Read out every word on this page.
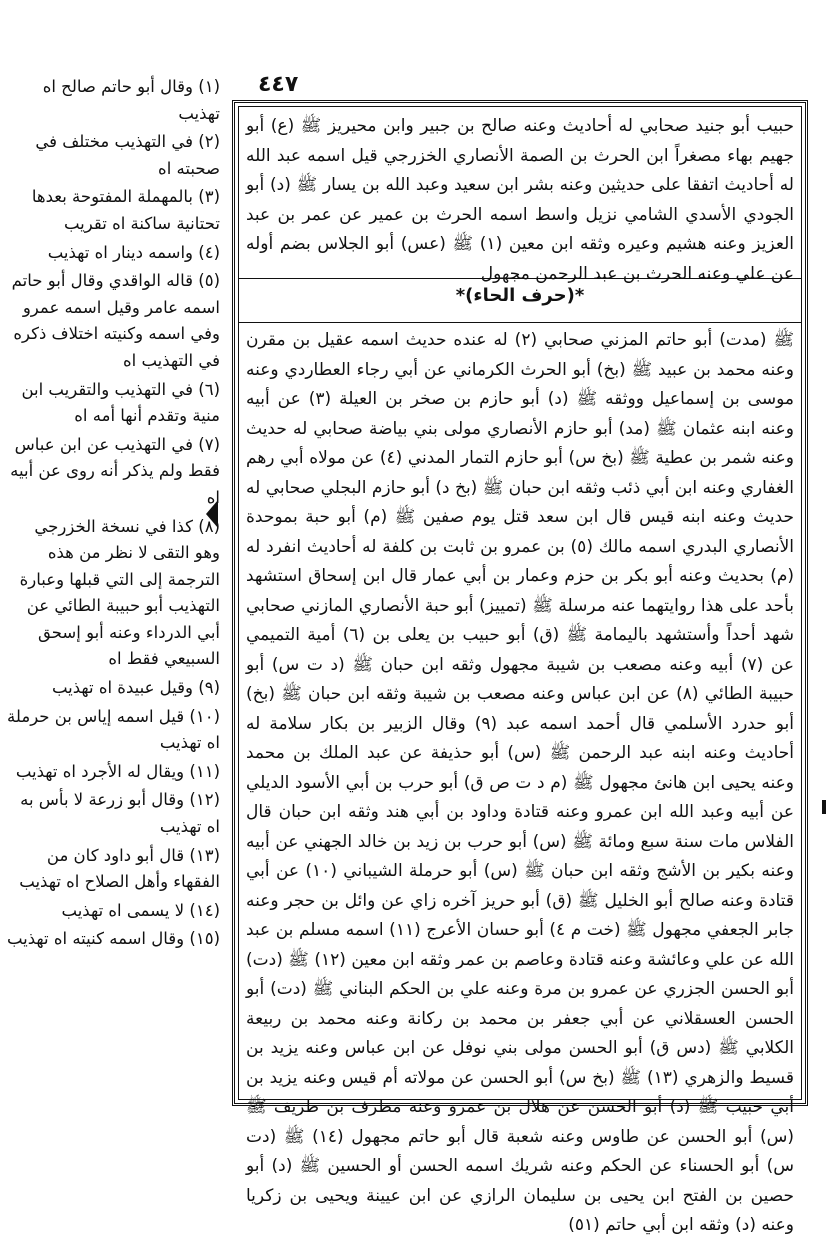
٤٤٧

حبيب أبو جنيد صحابي له أحاديث وعنه صالح بن جبير وابن محيريز ﷺ (ع) أبو جهيم بهاء مصغراً ابن الحرث بن الصمة الأنصاري الخزرجي قيل اسمه عبد الله له أحاديث اتفقا على حديثين وعنه بشر ابن سعيد وعبد الله بن يسار ﷺ (د) أبو الجودي الأسدي الشامي نزيل واسط اسمه الحرث بن عمير عن عمر بن عبد العزيز وعنه هشيم وعيره وثقه ابن معين (١) ﷺ (عس) أبو الجلاس بضم أوله عن علي وعنه الحرث بن عبد الرحمن مجهول

*(حرف الحاء)*

ﷺ (مدت) أبو حاتم المزني صحابي (٢) له عنده حديث اسمه عقيل بن مقرن وعنه محمد بن عبيد ﷺ (بخ) أبو الحرث الكرماني عن أبي رجاء العطاردي وعنه موسى بن إسماعيل ووثقه ﷺ (د) أبو حازم بن صخر بن العيلة (٣) عن أبيه وعنه ابنه عثمان ﷺ (مد) أبو حازم الأنصاري مولى بني بياضة صحابي له حديث وعنه شمر بن عطية ﷺ (بخ س) أبو حازم التمار المدني (٤) عن مولاه أبي رهم الغفاري وعنه ابن أبي ذئب وثقه ابن حبان ﷺ (بخ د) أبو حازم البجلي صحابي له حديث وعنه ابنه قيس قال ابن سعد قتل يوم صفين ﷺ (م) أبو حبة بموحدة الأنصاري البدري اسمه مالك (٥) بن عمرو بن ثابت بن كلفة له أحاديث انفرد له (م) بحديث وعنه أبو بكر بن حزم وعمار بن أبي عمار قال ابن إسحاق استشهد بأحد على هذا روايتهما عنه مرسلة ﷺ (تمييز) أبو حبة الأنصاري المازني صحابي شهد أحداً وأستشهد باليمامة ﷺ (ق) أبو حبيب بن يعلى بن (٦) أمية التميمي عن (٧) أبيه وعنه مصعب بن شيبة مجهول وثقه ابن حبان ﷺ (د ت س) أبو حبيبة الطائي (٨) عن ابن عباس وعنه مصعب بن شيبة وثقه ابن حبان ﷺ (بخ) أبو حدرد الأسلمي قال أحمد اسمه عبد (٩) وقال الزبير بن بكار سلامة له أحاديث وعنه ابنه عبد الرحمن ﷺ (س) أبو حذيفة عن عبد الملك بن محمد وعنه يحيى ابن هانئ مجهول ﷺ (م د ت ص ق) أبو حرب بن أبي الأسود الديلي عن أبيه وعبد الله ابن عمرو وعنه قتادة وداود بن أبي هند وثقه ابن حبان قال الفلاس مات سنة سبع ومائة ﷺ (س) أبو حرب بن زيد بن خالد الجهني عن أبيه وعنه بكير بن الأشج وثقه ابن حبان ﷺ (س) أبو حرملة الشيباني (١٠) عن أبي قتادة وعنه صالح أبو الخليل ﷺ (ق) أبو حريز آخره زاي عن وائل بن حجر وعنه جابر الجعفي مجهول ﷺ (خت م ٤) أبو حسان الأعرج (١١) اسمه مسلم بن عبد الله عن علي وعائشة وعنه قتادة وعاصم بن عمر وثقه ابن معين (١٢) ﷺ (دت) أبو الحسن الجزري عن عمرو بن مرة وعنه علي بن الحكم البناني ﷺ (دت) أبو الحسن العسقلاني عن أبي جعفر بن محمد بن ركانة وعنه محمد بن ربيعة الكلابي ﷺ (دس ق) أبو الحسن مولى بني نوفل عن ابن عباس وعنه يزيد بن قسيط والزهري (١٣) ﷺ (بخ س) أبو الحسن عن مولاته أم قيس وعنه يزيد بن أبي حبيب ﷺ (د) أبو الحسن عن هلال بن عمرو وعنه مطرف بن طريف ﷺ (س) أبو الحسن عن طاوس وعنه شعبة قال أبو حاتم مجهول (١٤) ﷺ (دت س) أبو الحسناء عن الحكم وعنه شريك اسمه الحسن أو الحسين ﷺ (د) أبو حصين بن الفتح ابن يحيى بن سليمان الرازي عن ابن عيينة ويحيى بن زكريا وعنه (د) وثقه ابن أبي حاتم (٥١)

(١) وقال أبو حاتم صالح اه تهذيب
(٢) في التهذيب مختلف في صحبته اه
(٣) بالمهملة المفتوحة بعدها تحتانية ساكنة اه تقريب
(٤) واسمه دينار اه تهذيب
(٥) قاله الواقدي وقال أبو حاتم اسمه عامر وقيل اسمه عمرو وفي اسمه وكنيته اختلاف ذكره في التهذيب اه
(٦) في التهذيب والتقريب ابن منية وتقدم أنها أمه اه
(٧) في التهذيب عن ابن عباس فقط ولم يذكر أنه روى عن أبيه اه
(٨) كذا في نسخة الخزرجي وهو التقى لا نظر من هذه الترجمة إلى التي قبلها وعبارة التهذيب أبو حبيبة الطائي عن أبي الدرداء وعنه أبو إسحق السبيعي فقط اه
(٩) وقيل عبيدة اه تهذيب
(١٠) قيل اسمه إياس بن حرملة اه تهذيب
(١١) ويقال له الأجرد اه تهذيب
(١٢) وقال أبو زرعة لا بأس به اه تهذيب
(١٣) قال أبو داود كان من الفقهاء وأهل الصلاح اه تهذيب
(١٤) لا يسمى اه تهذيب
(١٥) وقال اسمه كنيته اه تهذيب
